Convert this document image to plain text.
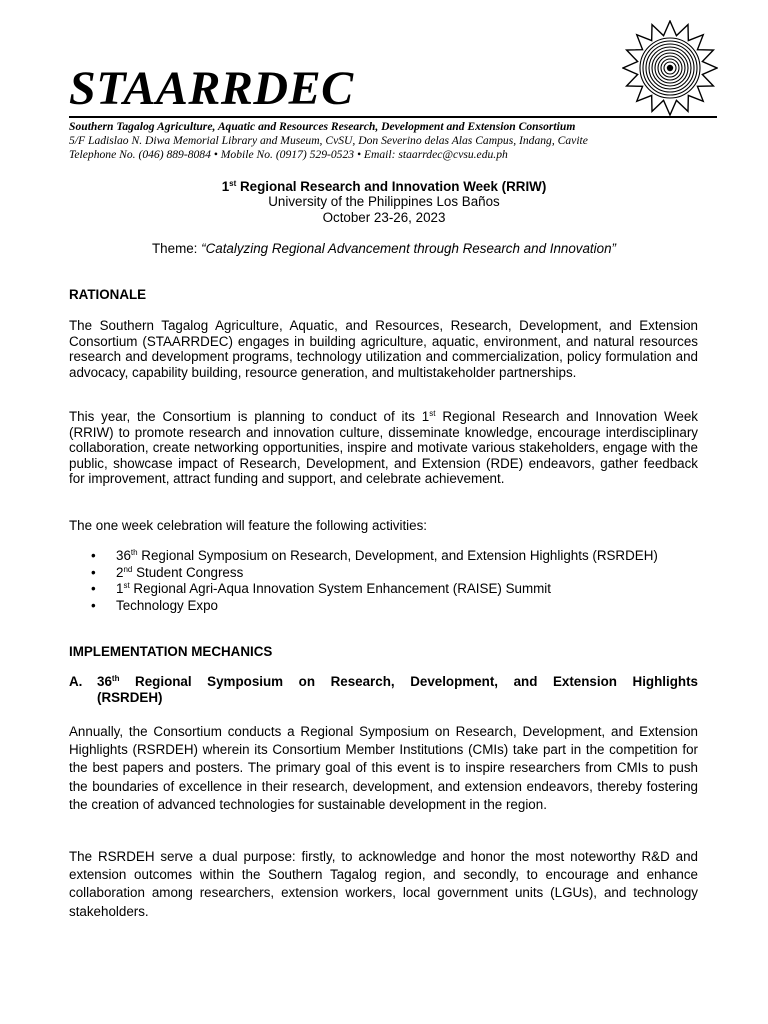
STAARRDEC
Southern Tagalog Agriculture, Aquatic and Resources Research, Development and Extension Consortium
5/F Ladislao N. Diwa Memorial Library and Museum, CvSU, Don Severino delas Alas Campus, Indang, Cavite
Telephone No. (046) 889-8084 • Mobile No. (0917) 529-0523 • Email: staarrdec@cvsu.edu.ph
1st Regional Research and Innovation Week (RRIW)
University of the Philippines Los Baños
October 23-26, 2023
Theme: “Catalyzing Regional Advancement through Research and Innovation”
RATIONALE
The Southern Tagalog Agriculture, Aquatic, and Resources, Research, Development, and Extension Consortium (STAARRDEC) engages in building agriculture, aquatic, environment, and natural resources research and development programs, technology utilization and commercialization, policy formulation and advocacy, capability building, resource generation, and multistakeholder partnerships.
This year, the Consortium is planning to conduct of its 1st Regional Research and Innovation Week (RRIW) to promote research and innovation culture, disseminate knowledge, encourage interdisciplinary collaboration, create networking opportunities, inspire and motivate various stakeholders, engage with the public, showcase impact of Research, Development, and Extension (RDE) endeavors, gather feedback for improvement, attract funding and support, and celebrate achievement.
The one week celebration will feature the following activities:
• 36th Regional Symposium on Research, Development, and Extension Highlights (RSRDEH)
• 2nd Student Congress
• 1st Regional Agri-Aqua Innovation System Enhancement (RAISE) Summit
• Technology Expo
IMPLEMENTATION MECHANICS
A. 36th Regional Symposium on Research, Development, and Extension Highlights
(RSRDEH)
Annually, the Consortium conducts a Regional Symposium on Research, Development, and Extension Highlights (RSRDEH) wherein its Consortium Member Institutions (CMIs) take part in the competition for the best papers and posters. The primary goal of this event is to inspire researchers from CMIs to push the boundaries of excellence in their research, development, and extension endeavors, thereby fostering the creation of advanced technologies for sustainable development in the region.
The RSRDEH serve a dual purpose: firstly, to acknowledge and honor the most noteworthy R&D and extension outcomes within the Southern Tagalog region, and secondly, to encourage and enhance collaboration among researchers, extension workers, local government units (LGUs), and technology stakeholders.
